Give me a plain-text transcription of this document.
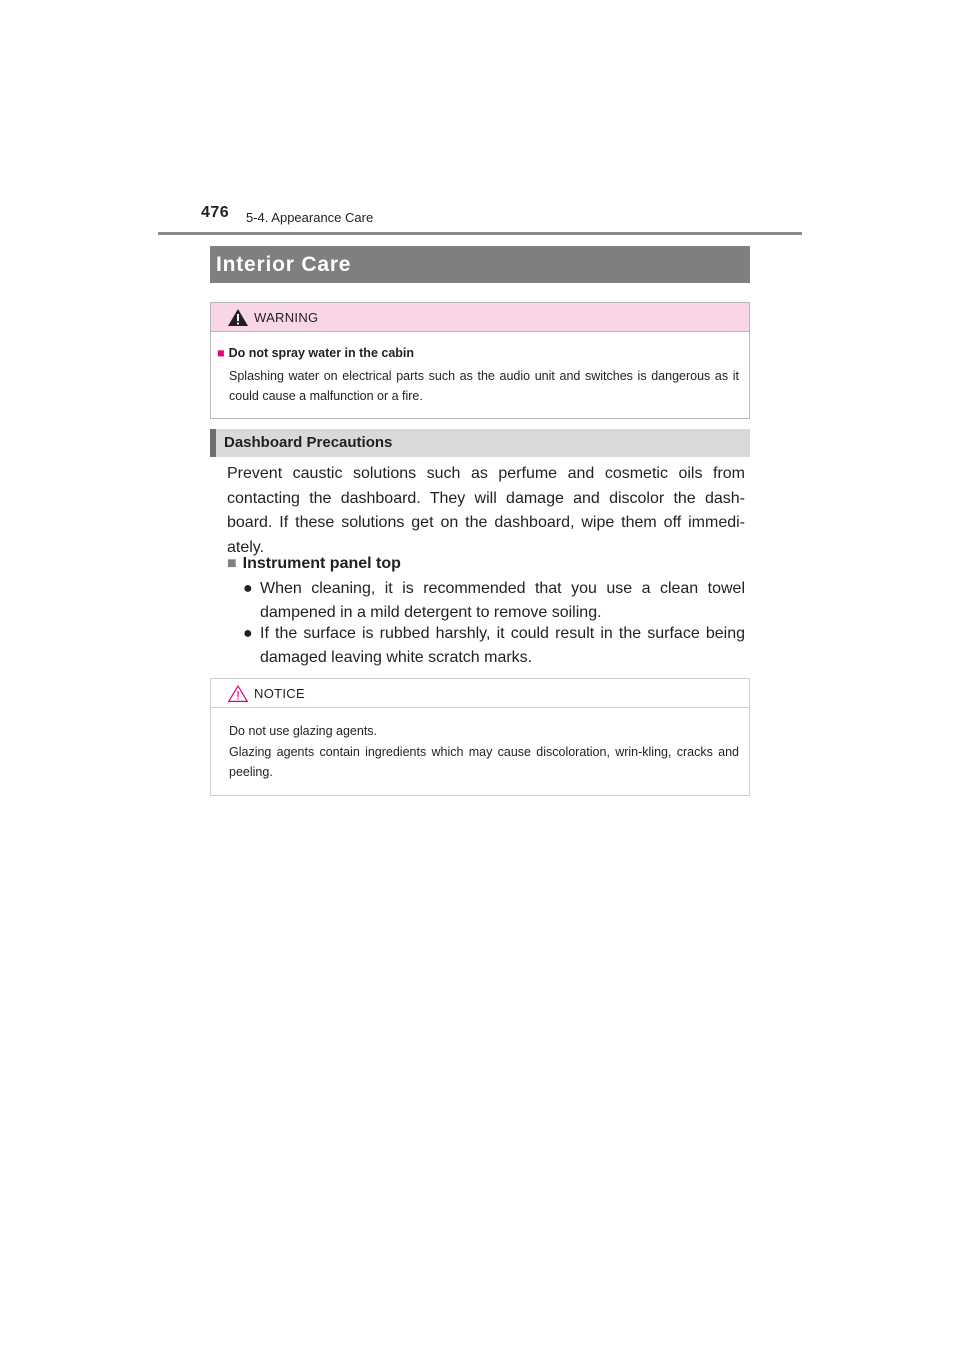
476 5-4. Appearance Care
Interior Care
WARNING
■ Do not spray water in the cabin
Splashing water on electrical parts such as the audio unit and switches is dangerous as it could cause a malfunction or a fire.
Dashboard Precautions
Prevent caustic solutions such as perfume and cosmetic oils from contacting the dashboard. They will damage and discolor the dash-board. If these solutions get on the dashboard, wipe them off immedi-ately.
■ Instrument panel top
● When cleaning, it is recommended that you use a clean towel dampened in a mild detergent to remove soiling.
● If the surface is rubbed harshly, it could result in the surface being damaged leaving white scratch marks.
NOTICE
Do not use glazing agents.
Glazing agents contain ingredients which may cause discoloration, wrin-kling, cracks and peeling.
